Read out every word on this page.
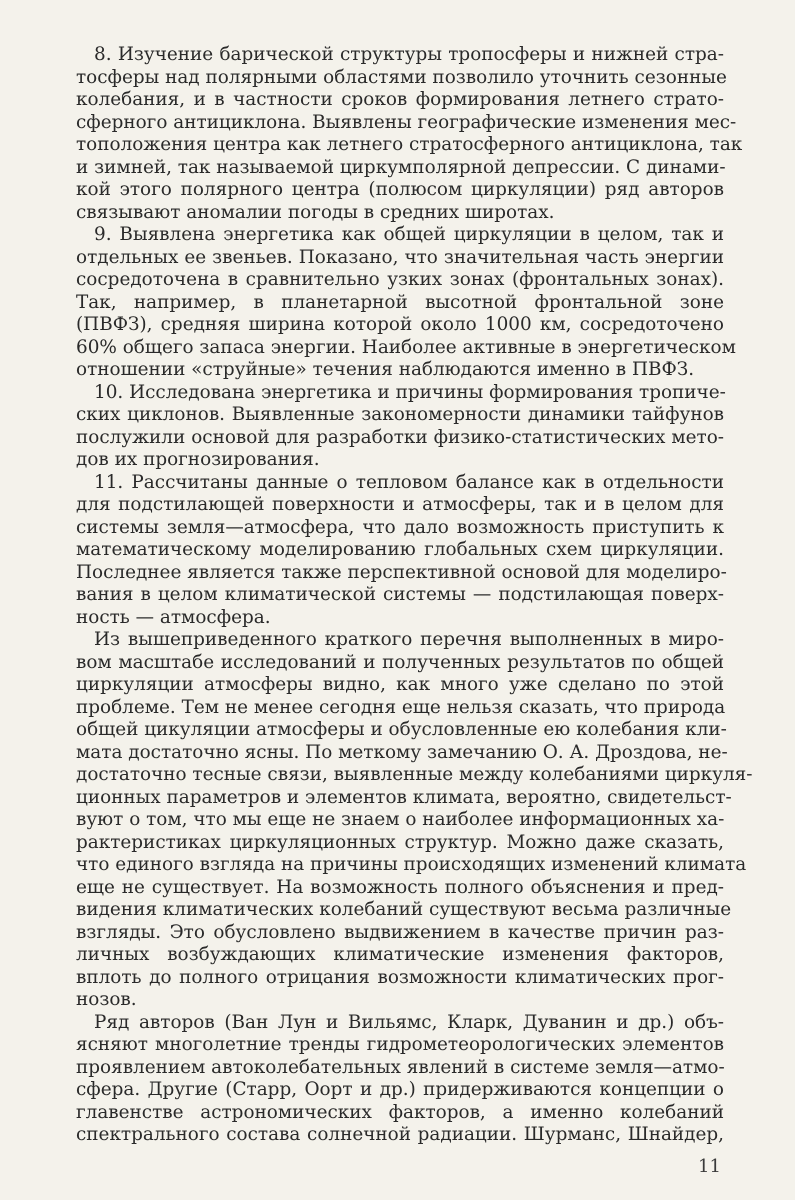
8. Изучение барической структуры тропосферы и нижней стра-
тосферы над полярными областями позволило уточнить сезонные
колебания, и в частности сроков формирования летнего страто-
сферного антициклона. Выявлены географические изменения мес-
тоположения центра как летнего стратосферного антициклона, так
и зимней, так называемой циркумполярной депрессии. С динами-
кой этого полярного центра (полюсом циркуляции) ряд авторов
связывают аномалии погоды в средних широтах.
9. Выявлена энергетика как общей циркуляции в целом, так и
отдельных ее звеньев. Показано, что значительная часть энергии
сосредоточена в сравнительно узких зонах (фронтальных зонах).
Так, например, в планетарной высотной фронтальной зоне
(ПВФЗ), средняя ширина которой около 1000 км, сосредоточено
60% общего запаса энергии. Наиболее активные в энергетическом
отношении «струйные» течения наблюдаются именно в ПВФЗ.
10. Исследована энергетика и причины формирования тропиче-
ских циклонов. Выявленные закономерности динамики тайфунов
послужили основой для разработки физико-статистических мето-
дов их прогнозирования.
11. Рассчитаны данные о тепловом балансе как в отдельности
для подстилающей поверхности и атмосферы, так и в целом для
системы земля—атмосфера, что дало возможность приступить к
математическому моделированию глобальных схем циркуляции.
Последнее является также перспективной основой для моделиро-
вания в целом климатической системы — подстилающая поверх-
ность — атмосфера.
Из вышеприведенного краткого перечня выполненных в миро-
вом масштабе исследований и полученных результатов по общей
циркуляции атмосферы видно, как много уже сделано по этой
проблеме. Тем не менее сегодня еще нельзя сказать, что природа
общей цикуляции атмосферы и обусловленные ею колебания кли-
мата достаточно ясны. По меткому замечанию О. А. Дроздова, не-
достаточно тесные связи, выявленные между колебаниями циркуля-
ционных параметров и элементов климата, вероятно, свидетельст-
вуют о том, что мы еще не знаем о наиболее информационных ха-
рактеристиках циркуляционных структур. Можно даже сказать,
что единого взгляда на причины происходящих изменений климата
еще не существует. На возможность полного объяснения и пред-
видения климатических колебаний существуют весьма различные
взгляды. Это обусловлено выдвижением в качестве причин раз-
личных возбуждающих климатические изменения факторов,
вплоть до полного отрицания возможности климатических прог-
нозов.
Ряд авторов (Ван Лун и Вильямс, Кларк, Дуванин и др.) объ-
ясняют многолетние тренды гидрометеорологических элементов
проявлением автоколебательных явлений в системе земля—атмо-
сфера. Другие (Старр, Оорт и др.) придерживаются концепции о
главенстве астрономических факторов, а именно колебаний
спектрального состава солнечной радиации. Шурманс, Шнайдер,
11
